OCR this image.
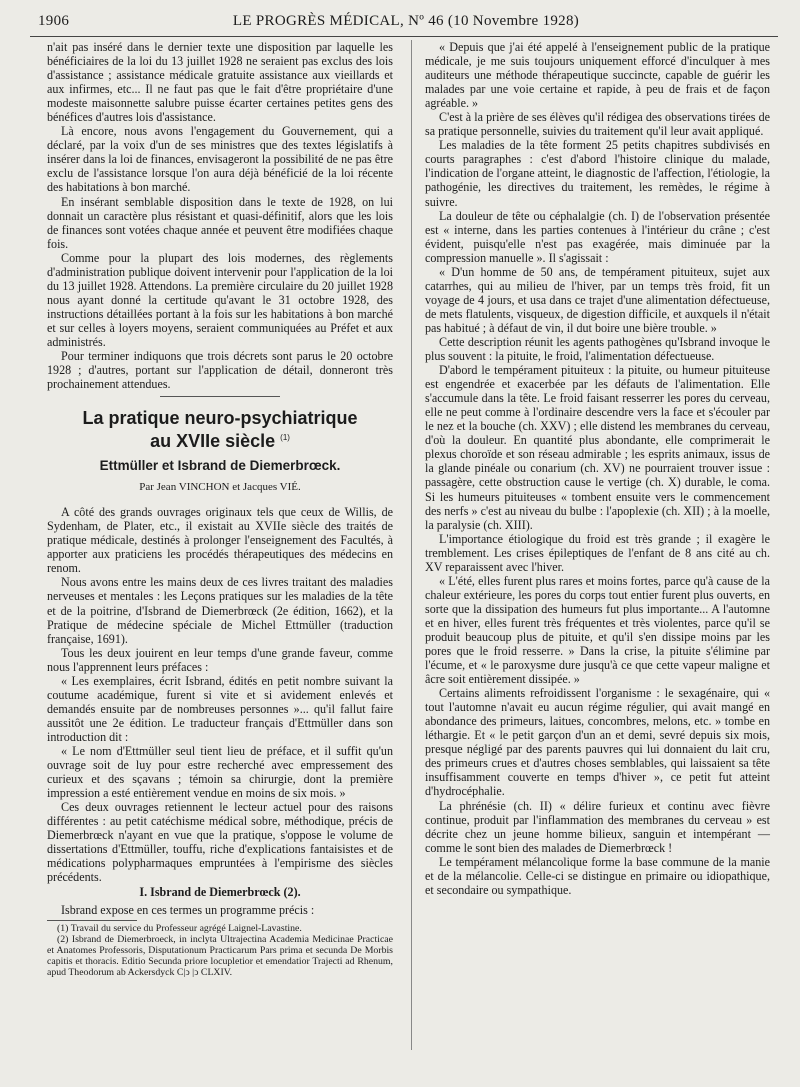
1906	LE PROGRÈS MÉDICAL, Nº 46 (10 Novembre 1928)

n'ait pas inséré dans le dernier texte une disposition par laquelle les bénéficiaires de la loi du 13 juillet 1928 ne seraient pas exclus des lois d'assistance ; assistance médicale gratuite assistance aux vieillards et aux infirmes, etc... Il ne faut pas que le fait d'être propriétaire d'une modeste maisonnette salubre puisse écarter certaines petites gens des bénéfices d'autres lois d'assistance.

Là encore, nous avons l'engagement du Gouvernement, qui a déclaré, par la voix d'un de ses ministres que des textes législatifs à insérer dans la loi de finances, envisageront la possibilité de ne pas être exclu de l'assistance lorsque l'on aura déjà bénéficié de la loi récente des habitations à bon marché.

En insérant semblable disposition dans le texte de 1928, on lui donnait un caractère plus résistant et quasi-définitif, alors que les lois de finances sont votées chaque année et peuvent être modifiées chaque fois.

Comme pour la plupart des lois modernes, des règlements d'administration publique doivent intervenir pour l'application de la loi du 13 juillet 1928. Attendons. La première circulaire du 20 juillet 1928 nous ayant donné la certitude qu'avant le 31 octobre 1928, des instructions détaillées portant à la fois sur les habitations à bon marché et sur celles à loyers moyens, seraient communiquées au Préfet et aux administrés.

Pour terminer indiquons que trois décrets sont parus le 20 octobre 1928 ; d'autres, portant sur l'application de détail, donneront très prochainement attendues.

La pratique neuro-psychiatrique
au XVIIe siècle $^{(1)}$
Ettmüller et Isbrand de Diemerbrœck.
Par Jean VINCHON et Jacques VIÉ.

A côté des grands ouvrages originaux tels que ceux de Willis, de Sydenham, de Plater, etc., il existait au XVIIe siècle des traités de pratique médicale, destinés à prolonger l'enseignement des Facultés, à apporter aux praticiens les procédés thérapeutiques des médecins en renom.

Nous avons entre les mains deux de ces livres traitant des maladies nerveuses et mentales : les Leçons pratiques sur les maladies de la tête et de la poitrine, d'Isbrand de Diemerbrœck (2e édition, 1662), et la Pratique de médecine spéciale de Michel Ettmüller (traduction française, 1691).

Tous les deux jouirent en leur temps d'une grande faveur, comme nous l'apprennent leurs préfaces :

« Les exemplaires, écrit Isbrand, édités en petit nombre suivant la coutume académique, furent si vite et si avidement enlevés et demandés ensuite par de nombreuses personnes »... qu'il fallut faire aussitôt une 2e édition. Le traducteur français d'Ettmüller dans son introduction dit :

« Le nom d'Ettmüller seul tient lieu de préface, et il suffit qu'un ouvrage soit de luy pour estre recherché avec empressement des curieux et des sçavans ; témoin sa chirurgie, dont la première impression a esté entièrement vendue en moins de six mois. »

Ces deux ouvrages retiennent le lecteur actuel pour des raisons différentes : au petit catéchisme médical sobre, méthodique, précis de Diemerbrœck n'ayant en vue que la pratique, s'oppose le volume de dissertations d'Ettmüller, touffu, riche d'explications fantaisistes et de médications polypharmaques empruntées à l'empirisme des siècles précédents.

I. Isbrand de Diemerbrœck (2).

Isbrand expose en ces termes un programme précis :

(1) Travail du service du Professeur agrégé Laignel-Lavastine.

(2) Isbrand de Diemerbroeck, in inclyta Ultrajectina Academia Medicinae Practicae et Anatomes Professoris, Disputationum Practicarum Pars prima et secunda De Morbis capitis et thoracis. Editio Secunda priore locupletior et emendatior Trajecti ad Rhenum, apud Theodorum ab Ackersdyck C|ↄ |ↄ CLXIV.

« Depuis que j'ai été appelé à l'enseignement public de la pratique médicale, je me suis toujours uniquement efforcé d'inculquer à mes auditeurs une méthode thérapeutique succincte, capable de guérir les malades par une voie certaine et rapide, à peu de frais et de façon agréable. »

C'est à la prière de ses élèves qu'il rédigea des observations tirées de sa pratique personnelle, suivies du traitement qu'il leur avait appliqué.

Les maladies de la tête forment 25 petits chapitres subdivisés en courts paragraphes : c'est d'abord l'histoire clinique du malade, l'indication de l'organe atteint, le diagnostic de l'affection, l'étiologie, la pathogénie, les directives du traitement, les remèdes, le régime à suivre.

La douleur de tête ou céphalalgie (ch. I) de l'observation présentée est « interne, dans les parties contenues à l'intérieur du crâne ; c'est évident, puisqu'elle n'est pas exagérée, mais diminuée par la compression manuelle ». Il s'agissait :

« D'un homme de 50 ans, de tempérament pituiteux, sujet aux catarrhes, qui au milieu de l'hiver, par un temps très froid, fit un voyage de 4 jours, et usa dans ce trajet d'une alimentation défectueuse, de mets flatulents, visqueux, de digestion difficile, et auxquels il n'était pas habitué ; à défaut de vin, il dut boire une bière trouble. »

Cette description réunit les agents pathogènes qu'Isbrand invoque le plus souvent : la pituite, le froid, l'alimentation défectueuse.

D'abord le tempérament pituiteux : la pituite, ou humeur pituiteuse est engendrée et exacerbée par les défauts de l'alimentation. Elle s'accumule dans la tête. Le froid faisant resserrer les pores du cerveau, elle ne peut comme à l'ordinaire descendre vers la face et s'écouler par le nez et la bouche (ch. XXV) ; elle distend les membranes du cerveau, d'où la douleur. En quantité plus abondante, elle comprimerait le plexus choroïde et son réseau admirable ; les esprits animaux, issus de la glande pinéale ou conarium (ch. XV) ne pourraient trouver issue : passagère, cette obstruction cause le vertige (ch. X) durable, le coma. Si les humeurs pituiteuses « tombent ensuite vers le commencement des nerfs » c'est au niveau du bulbe : l'apoplexie (ch. XII) ; à la moelle, la paralysie (ch. XIII).

L'importance étiologique du froid est très grande ; il exagère le tremblement. Les crises épileptiques de l'enfant de 8 ans cité au ch. XV reparaissent avec l'hiver.

« L'été, elles furent plus rares et moins fortes, parce qu'à cause de la chaleur extérieure, les pores du corps tout entier furent plus ouverts, en sorte que la dissipation des humeurs fut plus importante... A l'automne et en hiver, elles furent très fréquentes et très violentes, parce qu'il se produit beaucoup plus de pituite, et qu'il s'en dissipe moins par les pores que le froid resserre. » Dans la crise, la pituite s'élimine par l'écume, et « le paroxysme dure jusqu'à ce que cette vapeur maligne et âcre soit entièrement dissipée. »

Certains aliments refroidissent l'organisme : le sexagénaire, qui « tout l'automne n'avait eu aucun régime régulier, qui avait mangé en abondance des primeurs, laitues, concombres, melons, etc. » tombe en léthargie. Et « le petit garçon d'un an et demi, sevré depuis six mois, presque négligé par des parents pauvres qui lui donnaient du lait cru, des primeurs crues et d'autres choses semblables, qui laissaient sa tête insuffisamment couverte en temps d'hiver », ce petit fut atteint d'hydrocéphalie.

La phrénésie (ch. II) « délire furieux et continu avec fièvre continue, produit par l'inflammation des membranes du cerveau » est décrite chez un jeune homme bilieux, sanguin et intempérant — comme le sont bien des malades de Diemerbrœck !

Le tempérament mélancolique forme la base commune de la manie et de la mélancolie. Celle-ci se distingue en primaire ou idiopathique, et secondaire ou sympathique.
